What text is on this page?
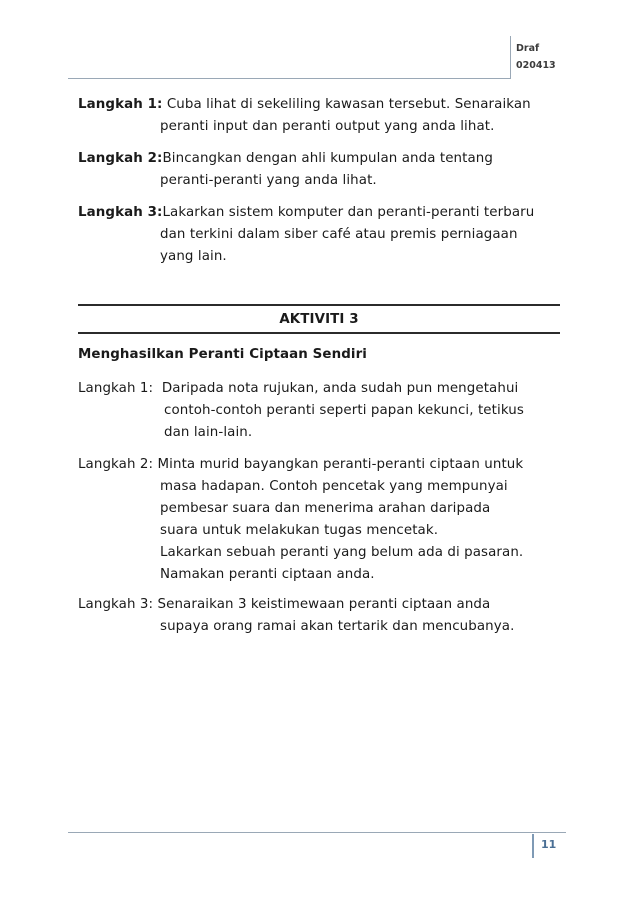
Draf
020413
Langkah 1: Cuba lihat di sekeliling kawasan tersebut. Senaraikan
peranti input dan peranti output yang anda lihat.
Langkah 2:Bincangkan dengan ahli kumpulan anda tentang
peranti-peranti yang anda lihat.
Langkah 3:Lakarkan sistem komputer dan peranti-peranti terbaru
dan terkini dalam siber café atau premis perniagaan
yang lain.
AKTIVITI 3
Menghasilkan Peranti Ciptaan Sendiri
Langkah 1: Daripada nota rujukan, anda sudah pun mengetahui
contoh-contoh peranti seperti papan kekunci, tetikus
dan lain-lain.
Langkah 2: Minta murid bayangkan peranti-peranti ciptaan untuk
masa hadapan. Contoh pencetak yang mempunyai
pembesar suara dan menerima arahan daripada
suara untuk melakukan tugas mencetak.
Lakarkan sebuah peranti yang belum ada di pasaran.
Namakan peranti ciptaan anda.
Langkah 3: Senaraikan 3 keistimewaan peranti ciptaan anda
supaya orang ramai akan tertarik dan mencubanya.
11
